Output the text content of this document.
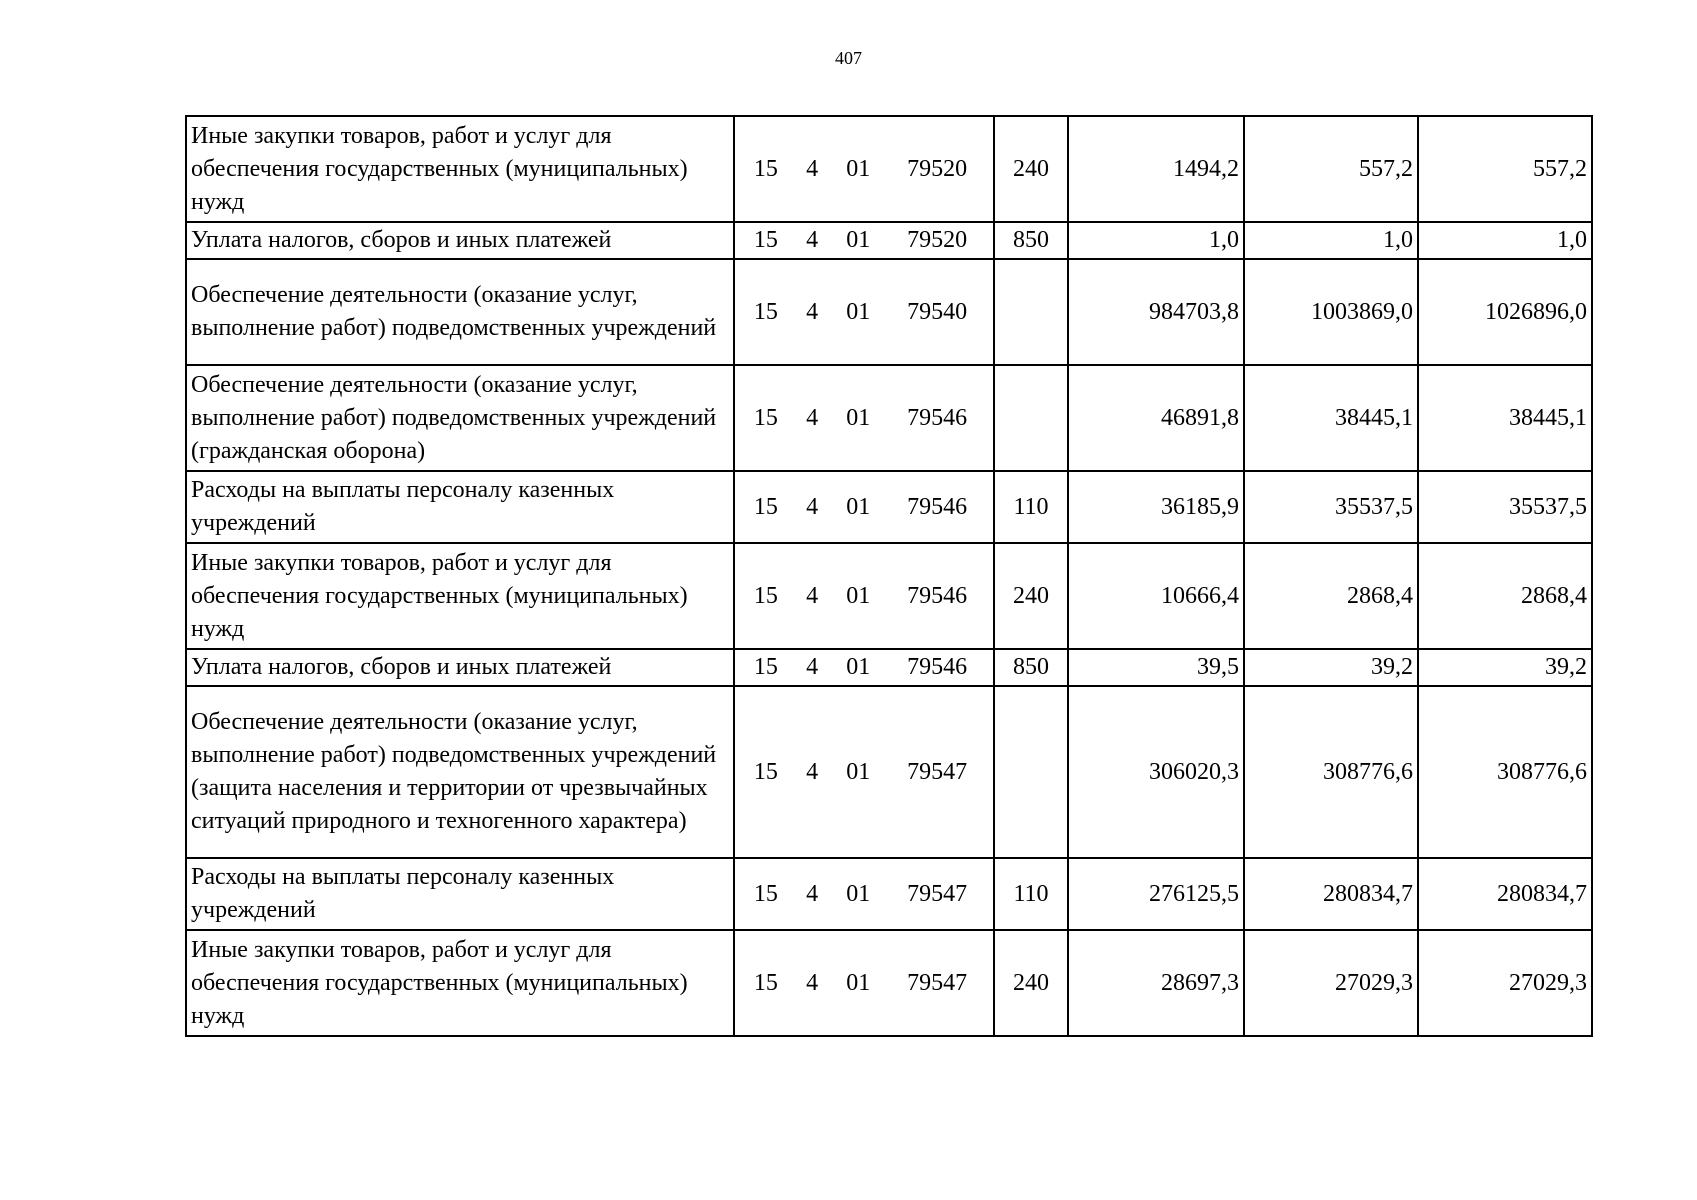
407
Иные закупки товаров, работ и услуг для обеспечения государственных (муниципальных) нужд	15 4 01 79520	240	1494,2	557,2	557,2
Уплата налогов, сборов и иных платежей	15 4 01 79520	850	1,0	1,0	1,0
Обеспечение деятельности (оказание услуг, выполнение работ) подведомственных учреждений	15 4 01 79540		984703,8	1003869,0	1026896,0
Обеспечение деятельности (оказание услуг, выполнение работ) подведомственных учреждений (гражданская оборона)	15 4 01 79546		46891,8	38445,1	38445,1
Расходы на выплаты персоналу казенных учреждений	15 4 01 79546	110	36185,9	35537,5	35537,5
Иные закупки товаров, работ и услуг для обеспечения государственных (муниципальных) нужд	15 4 01 79546	240	10666,4	2868,4	2868,4
Уплата налогов, сборов и иных платежей	15 4 01 79546	850	39,5	39,2	39,2
Обеспечение деятельности (оказание услуг, выполнение работ) подведомственных учреждений (защита населения и территории от чрезвычайных ситуаций природного и техногенного характера)	15 4 01 79547		306020,3	308776,6	308776,6
Расходы на выплаты персоналу казенных учреждений	15 4 01 79547	110	276125,5	280834,7	280834,7
Иные закупки товаров, работ и услуг для обеспечения государственных (муниципальных) нужд	15 4 01 79547	240	28697,3	27029,3	27029,3
